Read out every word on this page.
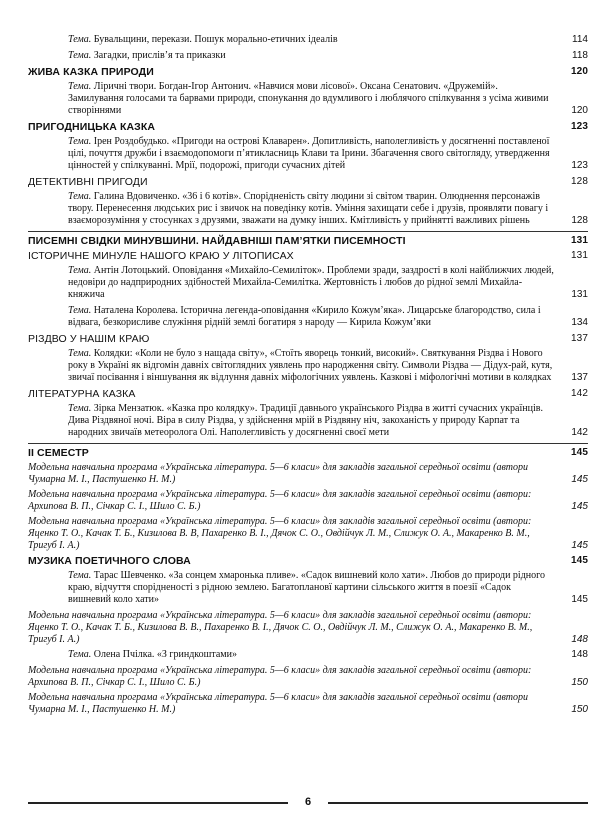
Тема. Бувальщини, перекази. Пошук морально-етичних ідеалів	114
Тема. Загадки, прислів’я та приказки	118
ЖИВА КАЗКА ПРИРОДИ	120
Тема. Ліричні твори. Богдан-Ігор Антонич. «Навчися мови лісової». Оксана Сенатович. «Дружемій». Замилування голосами та барвами природи, спонукання до вдумливого і люблячого спілкування з усіма живими створіннями	120
ПРИГОДНИЦЬКА КАЗКА	123
Тема. Ірен Роздобудько. «Пригоди на острові Клаварен». Допитливість, наполегливість у досягненні поставленої цілі, почуття дружби і взаємодопомоги п’ятикласниць Клави та Ірини. Збагачення свого світогляду, утвердження цінностей у спілкуванні. Мрії, подорожі, пригоди сучасних дітей	123
ДЕТЕКТИВНІ ПРИГОДИ	128
Тема. Галина Вдовиченко. «36 і 6 котів». Спорідненість світу людини зі світом тварин. Олюднення персонажів твору. Перенесення людських рис і звичок на поведінку котів. Уміння захищати себе і друзів, проявляти повагу і взаєморозуміння у стосунках з друзями, зважати на думку інших. Кмітливість у прийнятті важливих рішень	128
ПИСЕМНІ СВІДКИ МИНУВШИНИ. НАЙДАВНІШІ ПАМ’ЯТКИ ПИСЕМНОСТІ	131
ІСТОРИЧНЕ МИНУЛЕ НАШОГО КРАЮ У ЛІТОПИСАХ	131
Тема. Антін Лотоцький. Оповідання «Михайло-Семиліток». Проблеми зради, заздрості в колі найближчих людей, недовіри до надприродних здібностей Михайла-Семилітка. Жертовність і любов до рідної землі Михайла-княжича	131
Тема. Наталена Королева. Історична легенда-оповідання «Кирило Кожум’яка». Лицарське благородство, сила і відвага, безкорисливе служіння рідній землі богатиря з народу — Кирила Кожум’яки	134
РІЗДВО У НАШІМ КРАЮ	137
Тема. Колядки: «Коли не було з нащада світу», «Стоїть яворець тонкий, високий». Святкування Різдва і Нового року в Україні як відгомін давніх світоглядних уявлень про народження світу. Символи Різдва — Дідух-рай, кутя, звичаї посівання і віншування як відлуння давніх міфологічних уявлень. Казкові і міфологічні мотиви в колядках	137
ЛІТЕРАТУРНА КАЗКА	142
Тема. Зірка Мензатюк. «Казка про колядку». Традиції давнього українського Різдва в житті сучасних українців. Дива Різдвяної ночі. Віра в силу Різдва, у здійснення мрій в Різдвяну ніч, закоханість у природу Карпат та народних звичаїв метеоролога Олі. Наполегливість у досягненні своєї мети	142
ІІ СЕМЕСТР	145
Модельна навчальна програма «Українська література. 5—6 класи» для закладів загальної середньої освіти (автори Чумарна М. І., Пастушенко Н. М.)	145
Модельна навчальна програма «Українська література. 5—6 класи» для закладів загальної середньої освіти (автори: Архипова В. П., Січкар С. І., Шило С. Б.)	145
Модельна навчальна програма «Українська література. 5—6 класи» для закладів загальної середньої освіти (автори: Яценко Т. О., Качак Т. Б., Кизилова В. В, Пахаренко В. І., Дячок С. О., Овдійчук Л. М., Слижук О. А., Макаренко В. М., Тригуб І. А.)	145
МУЗИКА ПОЕТИЧНОГО СЛОВА	145
Тема. Тарас Шевченко. «За сонцем хмаронька пливе». «Садок вишневий коло хати». Любов до природи рідного краю, відчуття спорідненості з рідною землею. Багатоплановї картини сільського життя в поезії «Садок вишневий коло хати»	145
Модельна навчальна програма «Українська література. 5—6 класи» для закладів загальної середньої освіти (автори: Яценко Т. О., Качак Т. Б., Кизилова В. В., Пахаренко В. І., Дячок С. О., Овдійчук Л. М., Слижук О. А., Макаренко В. М., Тригуб І. А.)	148
Тема. Олена Пчілка. «З гриндкоштами»	148
Модельна навчальна програма «Українська література. 5—6 класи» для закладів загальної середньої освіти (автори: Архипова В. П., Січкар С. І., Шило С. Б.)	150
Модельна навчальна програма «Українська література. 5—6 класи» для закладів загальної середньої освіти (автори Чумарна М. І., Пастушенко Н. М.)	150
6
